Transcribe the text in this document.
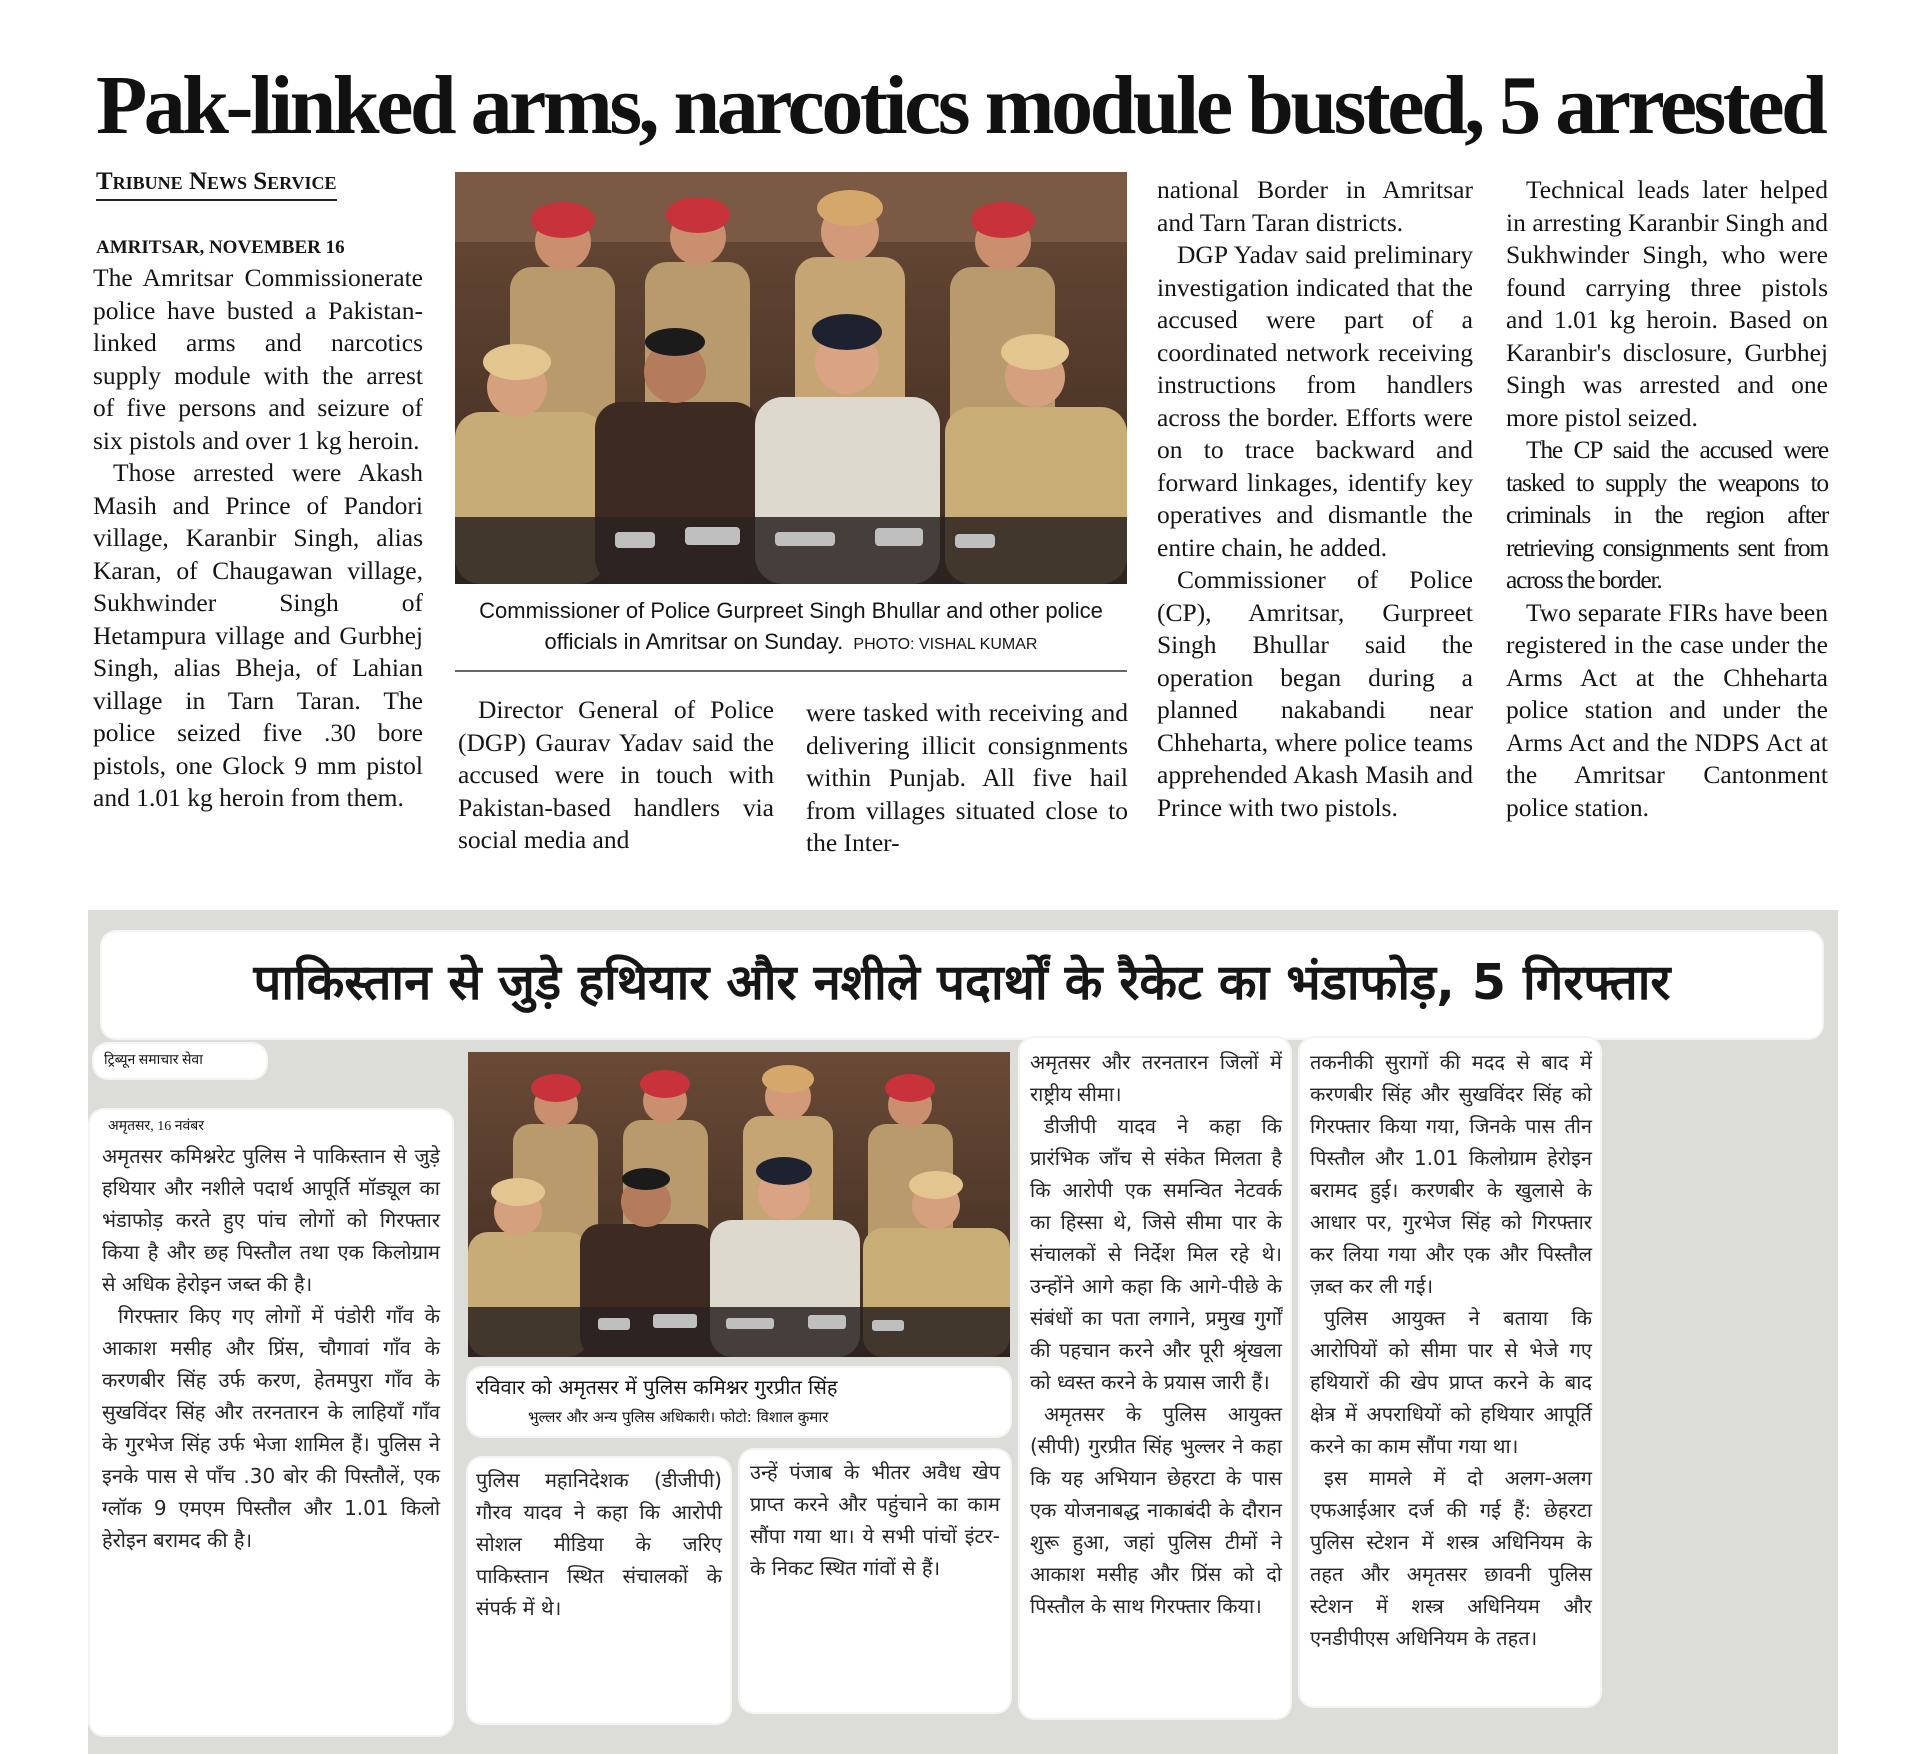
Pak-linked arms, narcotics module busted, 5 arrested
Tribune News Service
AMRITSAR, NOVEMBER 16

The Amritsar Commissionerate police have busted a Pakistan-linked arms and narcotics supply module with the arrest of five persons and seizure of six pistols and over 1 kg heroin.

Those arrested were Akash Masih and Prince of Pandori village, Karanbir Singh, alias Karan, of Chaugawan village, Sukhwinder Singh of Hetampura village and Gurbhej Singh, alias Bheja, of Lahian village in Tarn Taran. The police seized five .30 bore pistols, one Glock 9 mm pistol and 1.01 kg heroin from them.

Commissioner of Police Gurpreet Singh Bhullar and other police officials in Amritsar on Sunday. PHOTO: VISHAL KUMAR

Director General of Police (DGP) Gaurav Yadav said the accused were in touch with Pakistan-based handlers via social media and

were tasked with receiving and delivering illicit consignments within Punjab. All five hail from villages situated close to the Inter-

national Border in Amritsar and Tarn Taran districts.

DGP Yadav said preliminary investigation indicated that the accused were part of a coordinated network receiving instructions from handlers across the border. Efforts were on to trace backward and forward linkages, identify key operatives and dismantle the entire chain, he added.

Commissioner of Police (CP), Amritsar, Gurpreet Singh Bhullar said the operation began during a planned nakabandi near Chheharta, where police teams apprehended Akash Masih and Prince with two pistols.

Technical leads later helped in arresting Karanbir Singh and Sukhwinder Singh, who were found carrying three pistols and 1.01 kg heroin. Based on Karanbir's disclosure, Gurbhej Singh was arrested and one more pistol seized.

The CP said the accused were tasked to supply the weapons to criminals in the region after retrieving consignments sent from across the border.

Two separate FIRs have been registered in the case under the Arms Act at the Chheharta police station and under the Arms Act and the NDPS Act at the Amritsar Cantonment police station.

पाकिस्तान से जुड़े हथियार और नशीले पदार्थों के रैकेट का भंडाफोड़, 5 गिरफ्तार
ट्रिब्यून समाचार सेवा
अमृतसर, 16 नवंबर

अमृतसर कमिश्नरेट पुलिस ने पाकिस्तान से जुड़े हथियार और नशीले पदार्थ आपूर्ति मॉड्यूल का भंडाफोड़ करते हुए पांच लोगों को गिरफ्तार किया है और छह पिस्तौल तथा एक किलोग्राम से अधिक हेरोइन जब्त की है।

गिरफ्तार किए गए लोगों में पंडोरी गाँव के आकाश मसीह और प्रिंस, चौगावां गाँव के करणबीर सिंह उर्फ करण, हेतमपुरा गाँव के सुखविंदर सिंह और तरनतारन के लाहियाँ गाँव के गुरभेज सिंह उर्फ भेजा शामिल हैं। पुलिस ने इनके पास से पाँच .30 बोर की पिस्तौलें, एक ग्लॉक 9 एमएम पिस्तौल और 1.01 किलो हेरोइन बरामद की है।

रविवार को अमृतसर में पुलिस कमिश्नर गुरप्रीत सिंह
भुल्लर और अन्य पुलिस अधिकारी। फोटो: विशाल कुमार

पुलिस महानिदेशक (डीजीपी) गौरव यादव ने कहा कि आरोपी सोशल मीडिया के जरिए पाकिस्तान स्थित संचालकों के संपर्क में थे।

उन्हें पंजाब के भीतर अवैध खेप प्राप्त करने और पहुंचाने का काम सौंपा गया था। ये सभी पांचों इंटर- के निकट स्थित गांवों से हैं।

अमृतसर और तरनतारन जिलों में राष्ट्रीय सीमा।

डीजीपी यादव ने कहा कि प्रारंभिक जाँच से संकेत मिलता है कि आरोपी एक समन्वित नेटवर्क का हिस्सा थे, जिसे सीमा पार के संचालकों से निर्देश मिल रहे थे। उन्होंने आगे कहा कि आगे-पीछे के संबंधों का पता लगाने, प्रमुख गुर्गों की पहचान करने और पूरी श्रृंखला को ध्वस्त करने के प्रयास जारी हैं।

अमृतसर के पुलिस आयुक्त (सीपी) गुरप्रीत सिंह भुल्लर ने कहा कि यह अभियान छेहरटा के पास एक योजनाबद्ध नाकाबंदी के दौरान शुरू हुआ, जहां पुलिस टीमों ने आकाश मसीह और प्रिंस को दो पिस्तौल के साथ गिरफ्तार किया।

तकनीकी सुरागों की मदद से बाद में करणबीर सिंह और सुखविंदर सिंह को गिरफ्तार किया गया, जिनके पास तीन पिस्तौल और 1.01 किलोग्राम हेरोइन बरामद हुई। करणबीर के खुलासे के आधार पर, गुरभेज सिंह को गिरफ्तार कर लिया गया और एक और पिस्तौल ज़ब्त कर ली गई।

पुलिस आयुक्त ने बताया कि आरोपियों को सीमा पार से भेजे गए हथियारों की खेप प्राप्त करने के बाद क्षेत्र में अपराधियों को हथियार आपूर्ति करने का काम सौंपा गया था।

इस मामले में दो अलग-अलग एफआईआर दर्ज की गई हैं: छेहरटा पुलिस स्टेशन में शस्त्र अधिनियम के तहत और अमृतसर छावनी पुलिस स्टेशन में शस्त्र अधिनियम और एनडीपीएस अधिनियम के तहत।
